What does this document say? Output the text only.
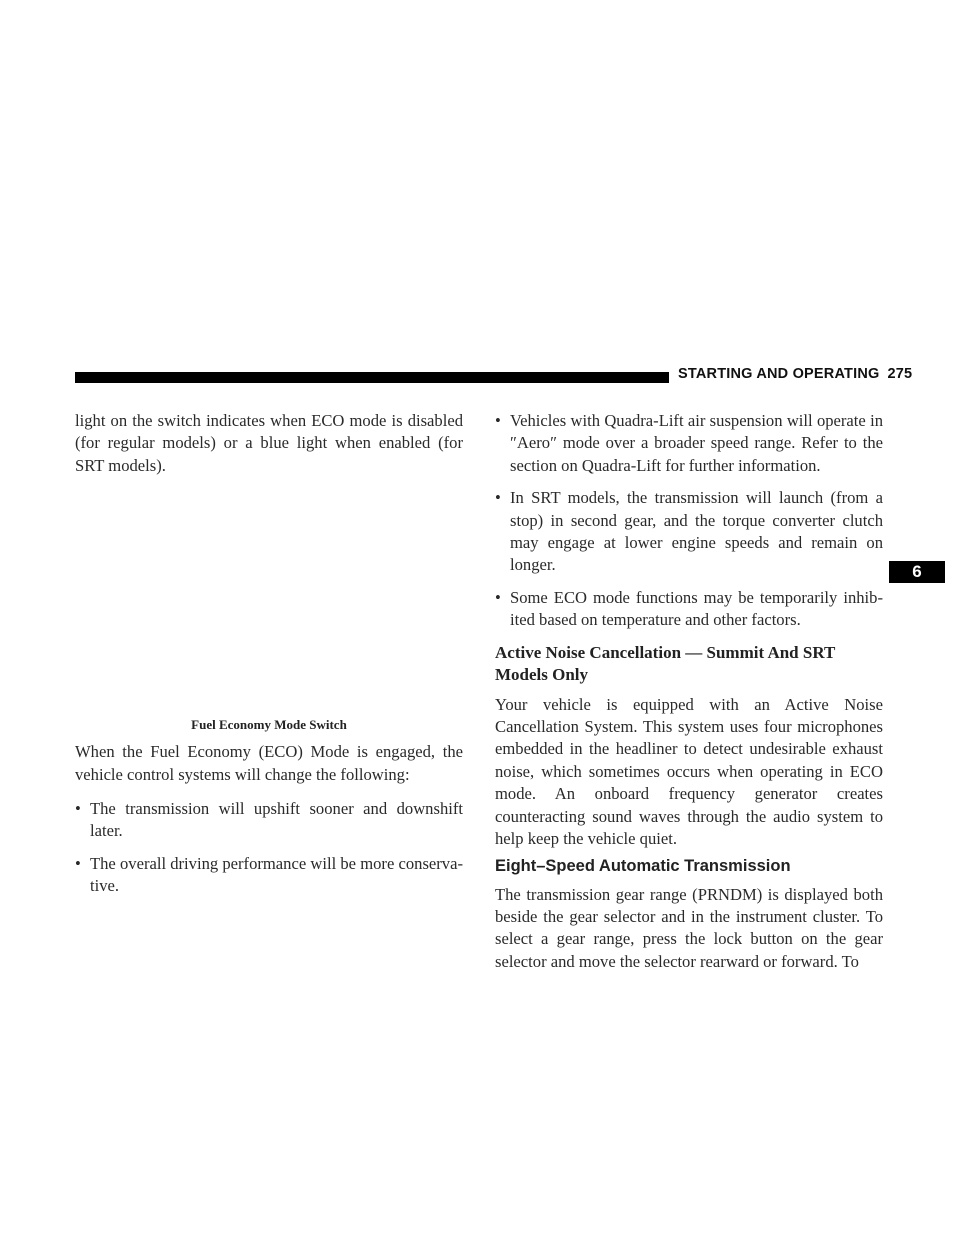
STARTING AND OPERATING 275

light on the switch indicates when ECO mode is disabled (for regular models) or a blue light when enabled (for SRT models).

Fuel Economy Mode Switch

When the Fuel Economy (ECO) Mode is engaged, the vehicle control systems will change the following:

• The transmission will upshift sooner and downshift later.
• The overall driving performance will be more conserva-tive.
• Vehicles with Quadra-Lift air suspension will operate in ″Aero″ mode over a broader speed range. Refer to the section on Quadra-Lift for further information.
• In SRT models, the transmission will launch (from a stop) in second gear, and the torque converter clutch may engage at lower engine speeds and remain on longer.
• Some ECO mode functions may be temporarily inhib-ited based on temperature and other factors.
Active Noise Cancellation — Summit And SRT Models Only

Your vehicle is equipped with an Active Noise Cancellation System. This system uses four microphones embedded in the headliner to detect undesirable exhaust noise, which sometimes occurs when operating in ECO mode. An onboard frequency generator creates counteracting sound waves through the audio system to help keep the vehicle quiet.

Eight–Speed Automatic Transmission

The transmission gear range (PRNDM) is displayed both beside the gear selector and in the instrument cluster. To select a gear range, press the lock button on the gear selector and move the selector rearward or forward. To

6
